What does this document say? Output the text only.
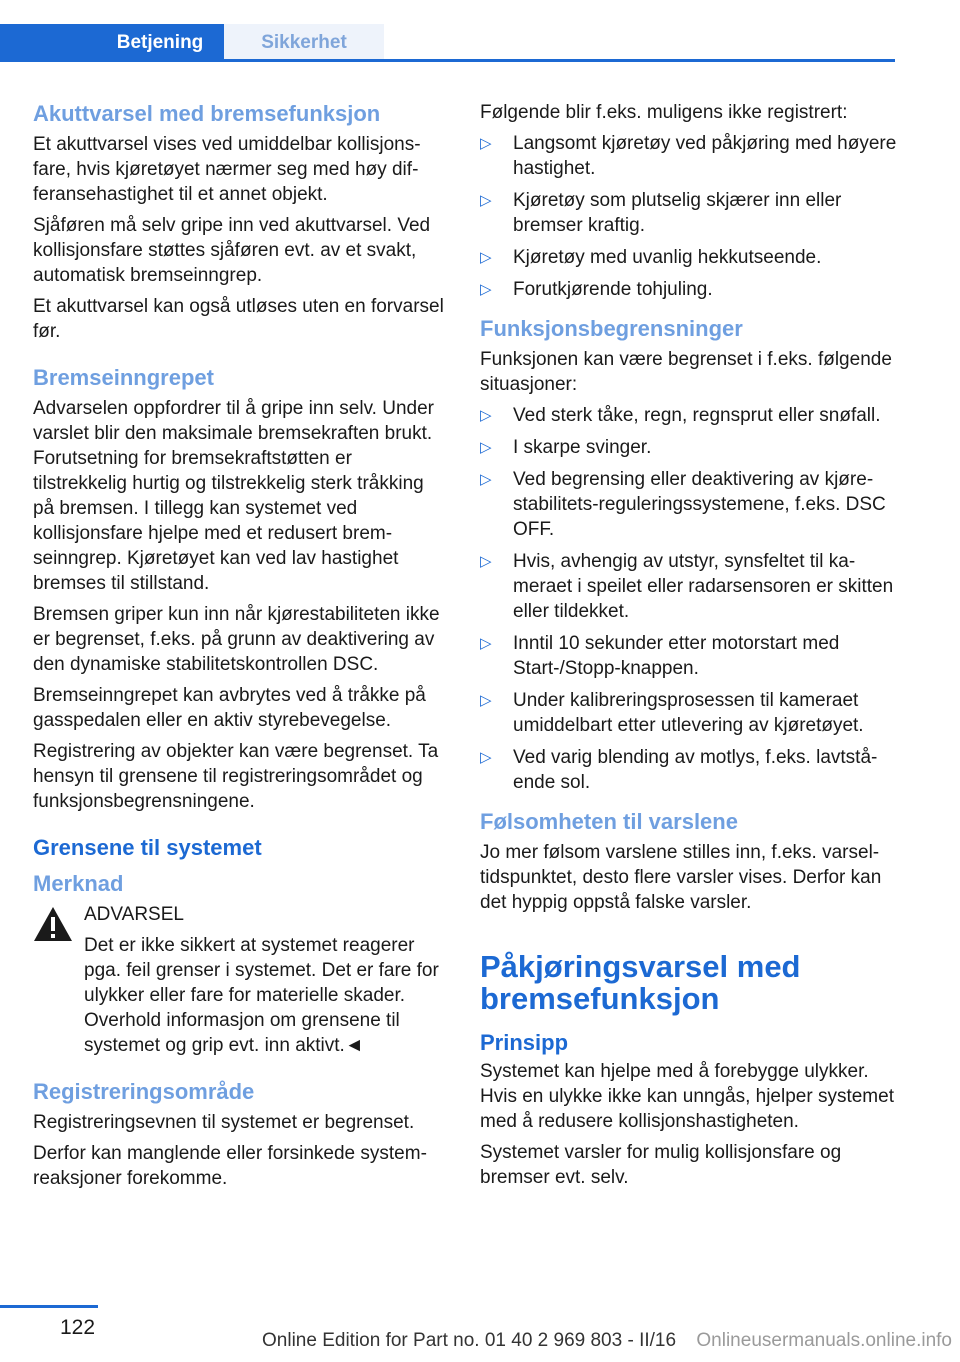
Betjening	Sikkerhet
Akuttvarsel med bremsefunksjon

Et akuttvarsel vises ved umiddelbar kollisjonsfare, hvis kjøretøyet nærmer seg med høy differansehastighet til et annet objekt.

Sjåføren må selv gripe inn ved akuttvarsel. Ved kollisjonsfare støttes sjåføren evt. av et svakt, automatisk bremseinngrep.

Et akuttvarsel kan også utløses uten en forvarsel før.

Bremseinngrepet

Advarselen oppfordrer til å gripe inn selv. Under varslet blir den maksimale bremsekraften brukt. Forutsetning for bremsekraftstøtten er tilstrekkelig hurtig og tilstrekkelig sterk tråkking på bremsen. I tillegg kan systemet ved kollisjonsfare hjelpe med et redusert bremseinngrep. Kjøretøyet kan ved lav hastighet bremses til stillstand.

Bremsen griper kun inn når kjørestabiliteten ikke er begrenset, f.eks. på grunn av deaktivering av den dynamiske stabilitetskontrollen DSC.

Bremseinngrepet kan avbrytes ved å tråkke på gasspedalen eller en aktiv styrebevegelse.

Registrering av objekter kan være begrenset. Ta hensyn til grensene til registreringsområdet og funksjonsbegrensningene.

Grensene til systemet
Merknad

ADVARSEL

Det er ikke sikkert at systemet reagerer pga. feil grenser i systemet. Det er fare for ulykker eller fare for materielle skader. Overhold informasjon om grensene til systemet og grip evt. inn aktivt.◄

Registreringsområde

Registreringsevnen til systemet er begrenset.

Derfor kan manglende eller forsinkede systemreaksjoner forekomme.

Følgende blir f.eks. muligens ikke registrert:

▷ Langsomt kjøretøy ved påkjøring med høyere hastighet.
▷ Kjøretøy som plutselig skjærer inn eller bremser kraftig.
▷ Kjøretøy med uvanlig hekkutseende.
▷ Forutkjørende tohjuling.
Funksjonsbegrensninger

Funksjonen kan være begrenset i f.eks. følgende situasjoner:

▷ Ved sterk tåke, regn, regnsprut eller snøfall.
▷ I skarpe svinger.
▷ Ved begrensing eller deaktivering av kjørestabilitets-reguleringssystemene, f.eks. DSC OFF.
▷ Hvis, avhengig av utstyr, synsfeltet til kameraet i speilet eller radarsensoren er skitten eller tildekket.
▷ Inntil 10 sekunder etter motorstart med Start-/Stopp-knappen.
▷ Under kalibreringsprosessen til kameraet umiddelbart etter utlevering av kjøretøyet.
▷ Ved varig blending av motlys, f.eks. lavtstående sol.
Følsomheten til varslene

Jo mer følsom varslene stilles inn, f.eks. varseltidspunktet, desto flere varsler vises. Derfor kan det hyppig oppstå falske varsler.

Påkjøringsvarsel med bremsefunksjon
Prinsipp

Systemet kan hjelpe med å forebygge ulykker. Hvis en ulykke ikke kan unngås, hjelper systemet med å redusere kollisjonshastigheten.

Systemet varsler for mulig kollisjonsfare og bremser evt. selv.

122
Online Edition for Part no. 01 40 2 969 803 - II/16 Onlineusermanuals.online.info
